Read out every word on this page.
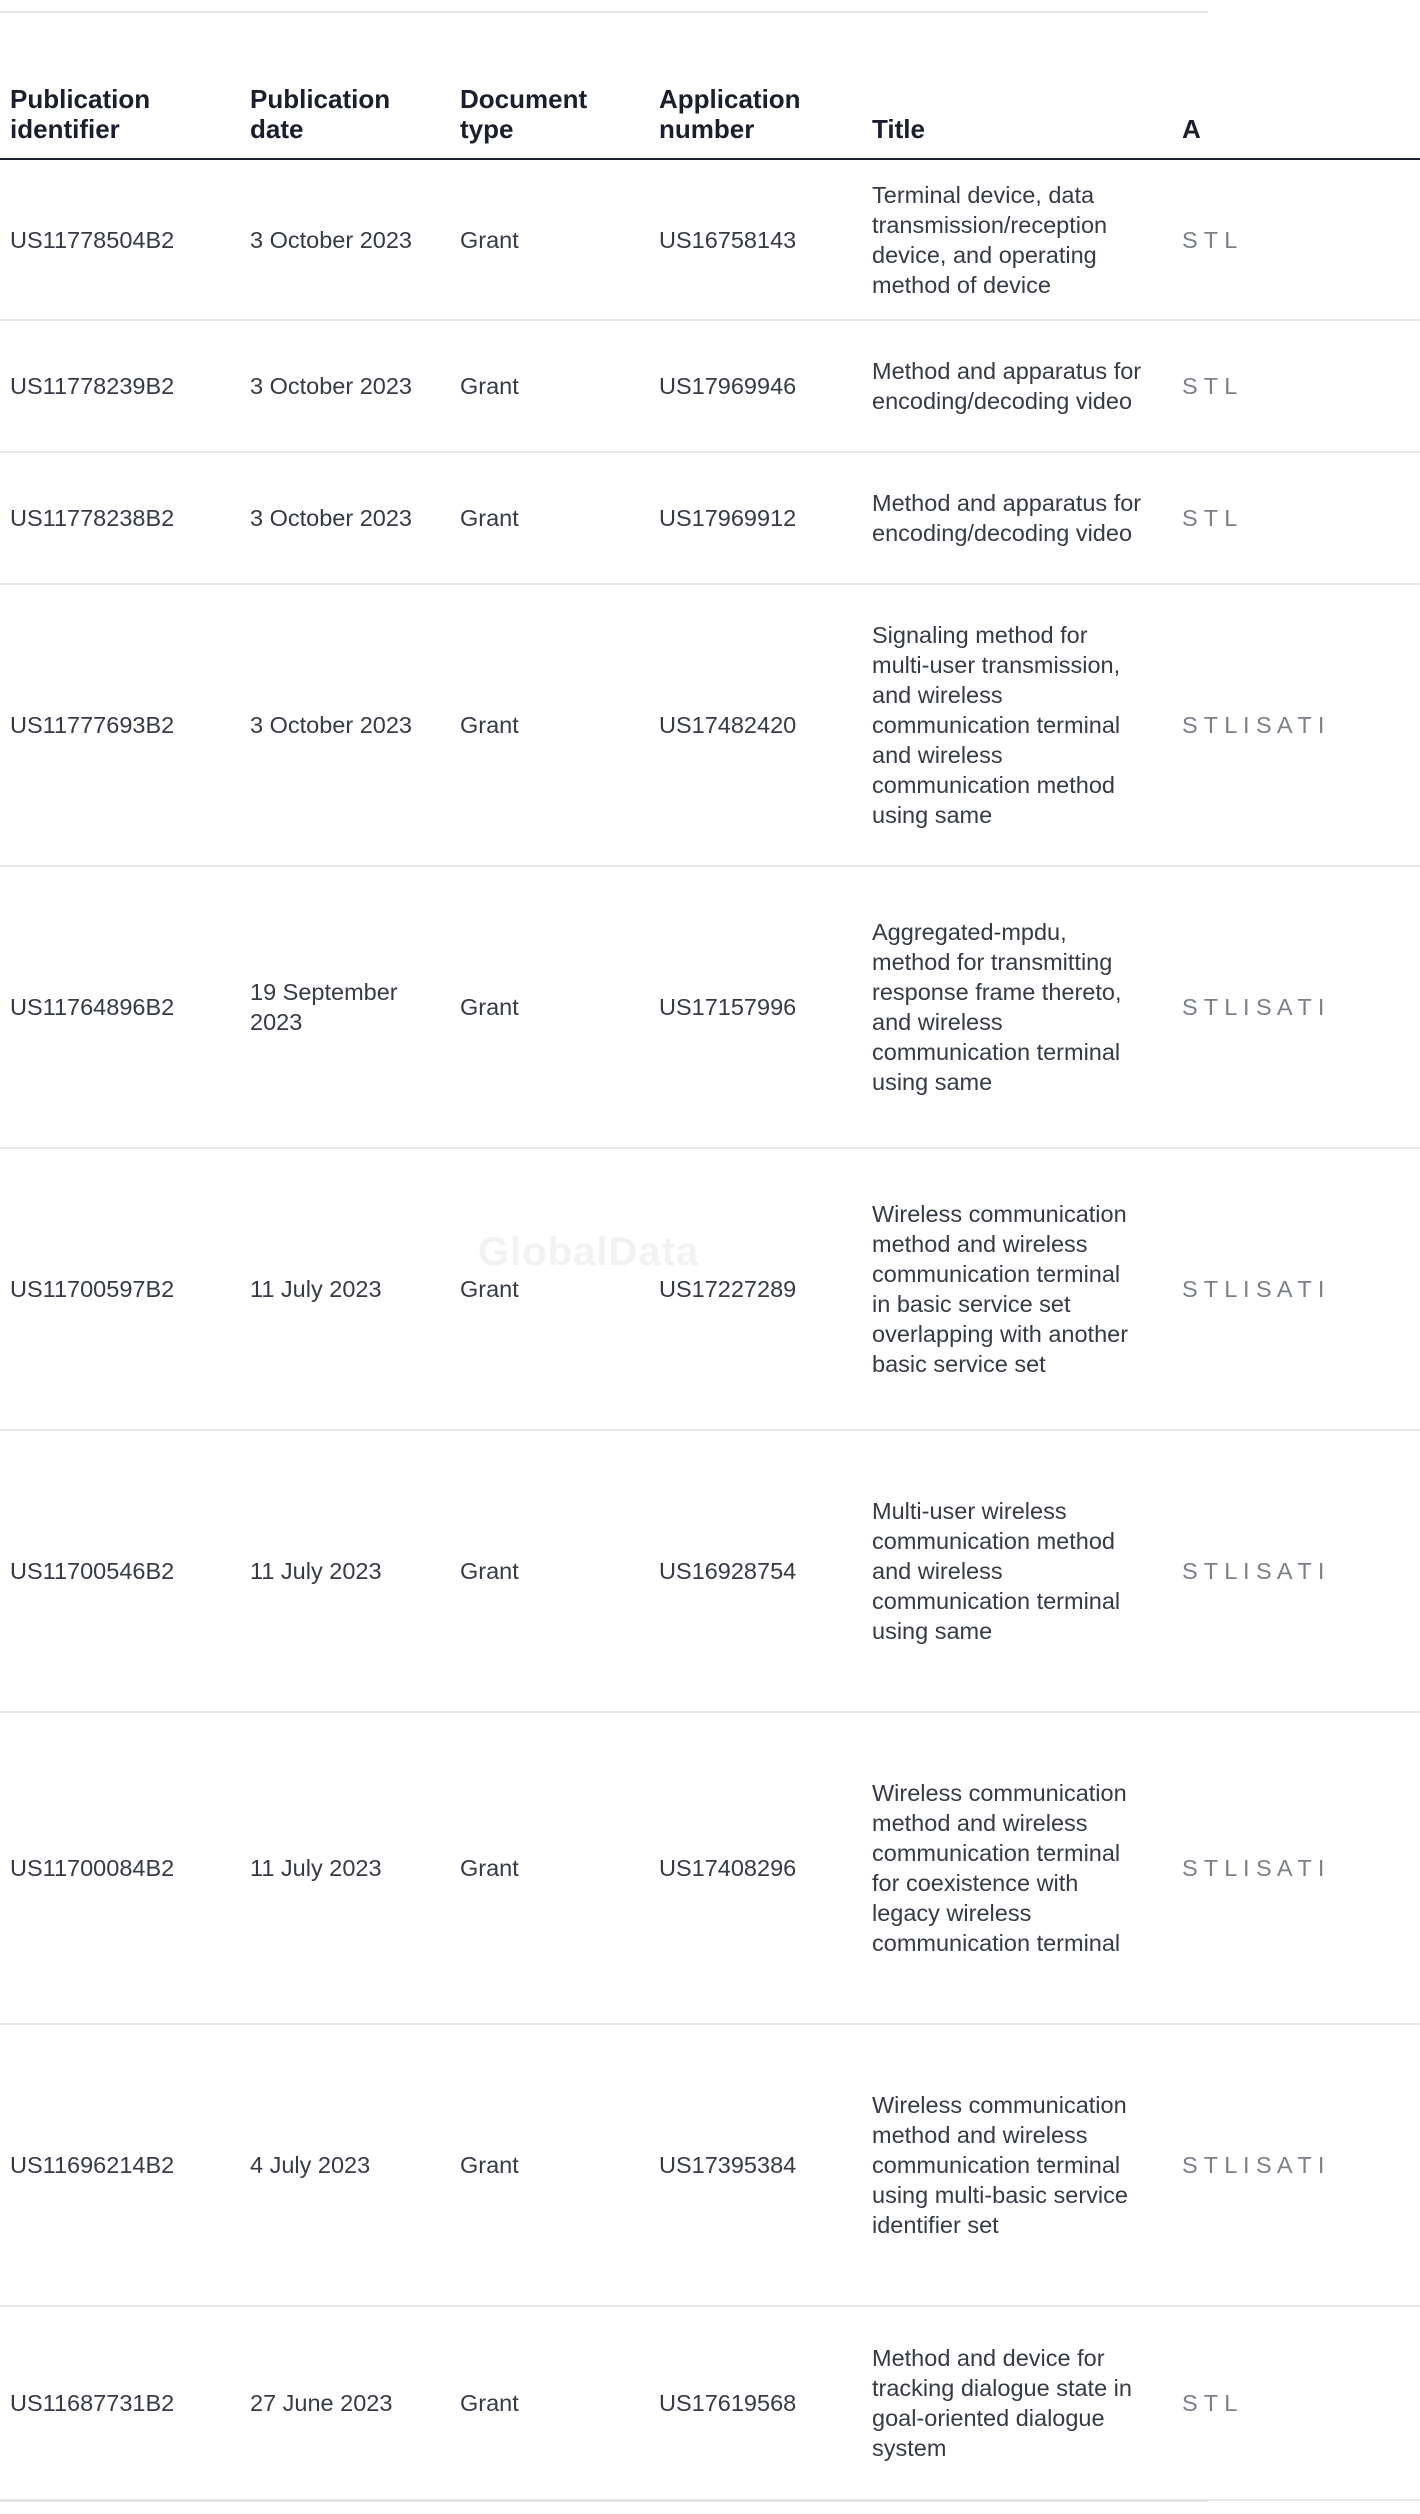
Publication identifier	Publication date	Document type	Application number	Title	A
US11778504B2	3 October 2023	Grant	US16758143	Terminal device, data transmission/reception device, and operating method of device	S T L
US11778239B2	3 October 2023	Grant	US17969946	Method and apparatus for encoding/decoding video	S T L
US11778238B2	3 October 2023	Grant	US17969912	Method and apparatus for encoding/decoding video	S T L
US11777693B2	3 October 2023	Grant	US17482420	Signaling method for multi-user transmission, and wireless communication terminal and wireless communication method using same	S T L I S A T I
US11764896B2	19 September 2023	Grant	US17157996	Aggregated-mpdu, method for transmitting response frame thereto, and wireless communication terminal using same	S T L I S A T I
US11700597B2	11 July 2023	Grant	US17227289	Wireless communication method and wireless communication terminal in basic service set overlapping with another basic service set	S T L I S A T I
US11700546B2	11 July 2023	Grant	US16928754	Multi-user wireless communication method and wireless communication terminal using same	S T L I S A T I
US11700084B2	11 July 2023	Grant	US17408296	Wireless communication method and wireless communication terminal for coexistence with legacy wireless communication terminal	S T L I S A T I
US11696214B2	4 July 2023	Grant	US17395384	Wireless communication method and wireless communication terminal using multi-basic service identifier set	S T L I S A T I
US11687731B2	27 June 2023	Grant	US17619568	Method and device for tracking dialogue state in goal-oriented dialogue system	S T L
GlobalData
